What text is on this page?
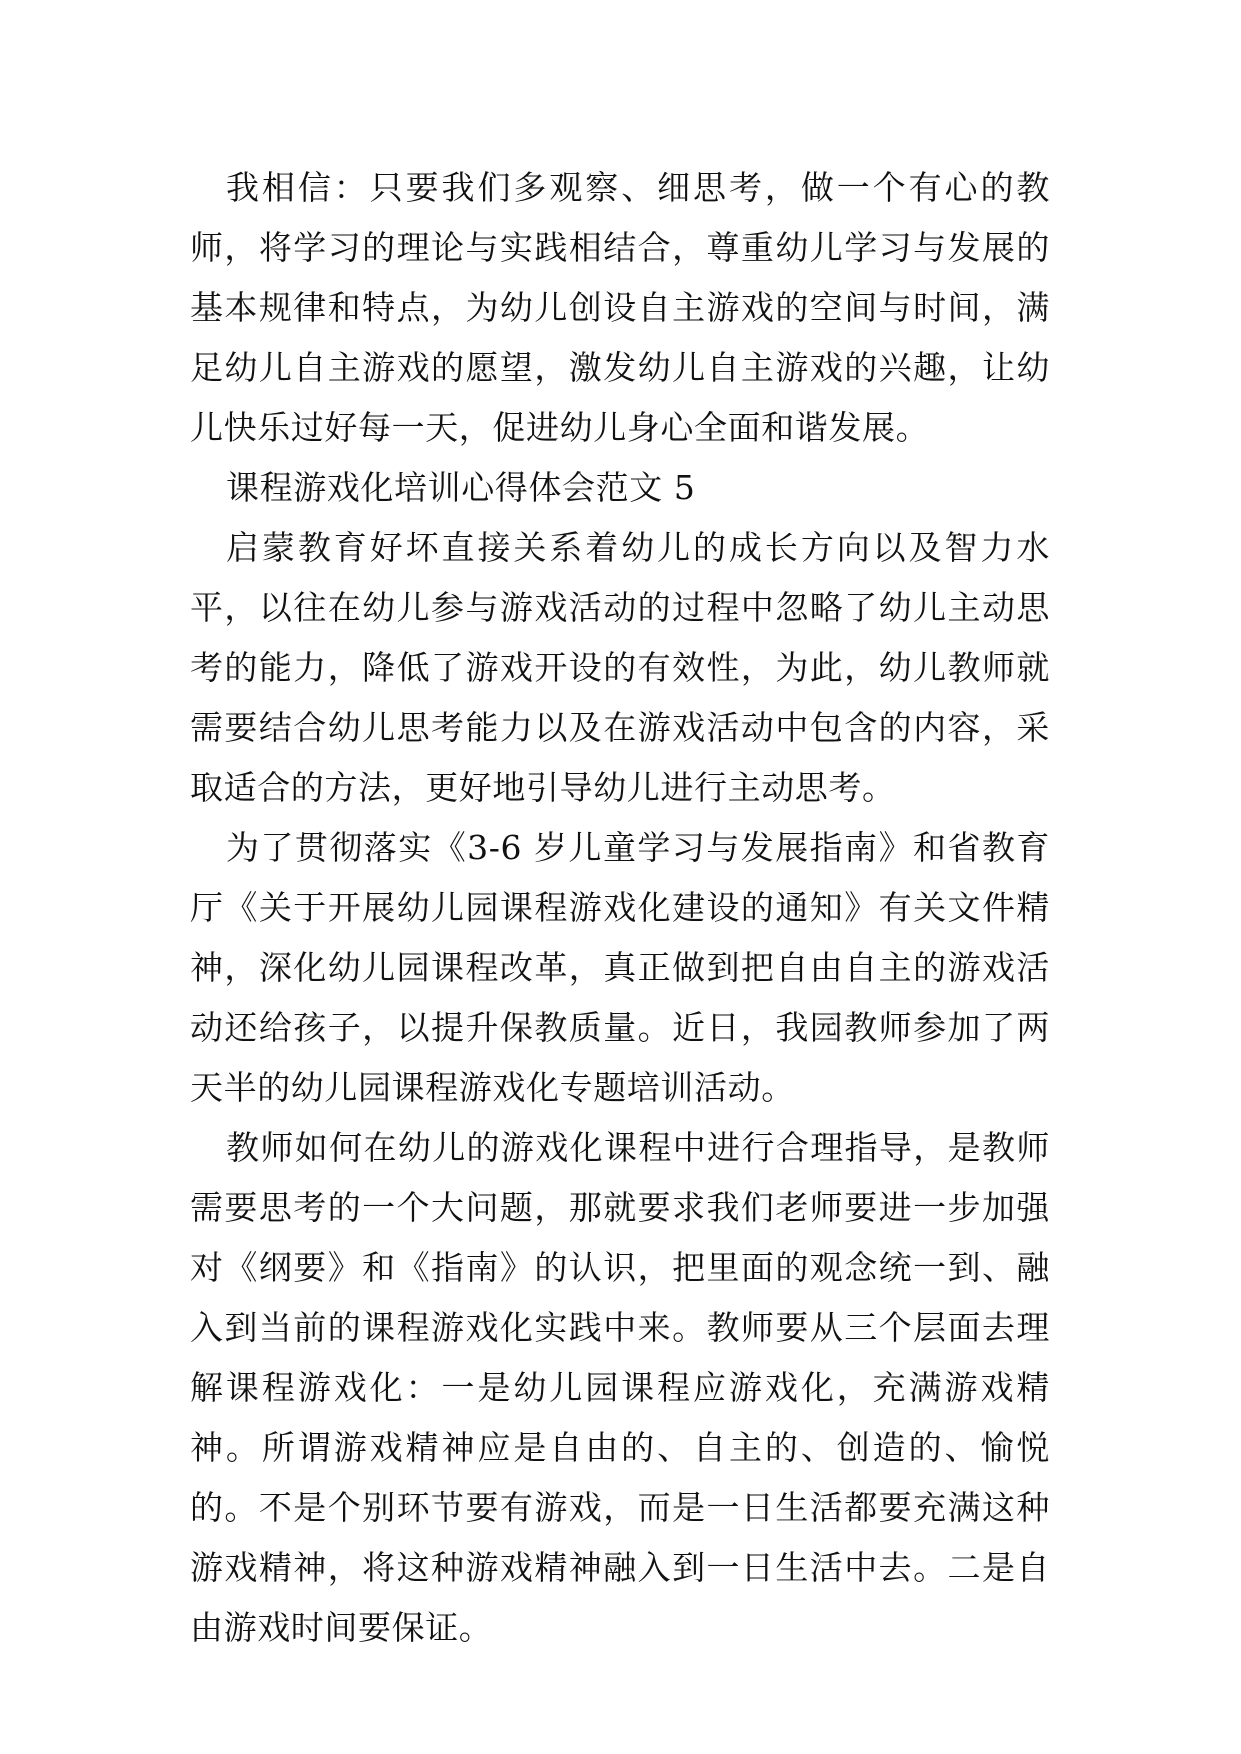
我相信：只要我们多观察、细思考，做一个有心的教师，将学习的理论与实践相结合，尊重幼儿学习与发展的基本规律和特点，为幼儿创设自主游戏的空间与时间，满足幼儿自主游戏的愿望，激发幼儿自主游戏的兴趣，让幼儿快乐过好每一天，促进幼儿身心全面和谐发展。

课程游戏化培训心得体会范文 5

启蒙教育好坏直接关系着幼儿的成长方向以及智力水平，以往在幼儿参与游戏活动的过程中忽略了幼儿主动思考的能力，降低了游戏开设的有效性，为此，幼儿教师就需要结合幼儿思考能力以及在游戏活动中包含的内容，采取适合的方法，更好地引导幼儿进行主动思考。

为了贯彻落实《3-6 岁儿童学习与发展指南》和省教育厅《关于开展幼儿园课程游戏化建设的通知》有关文件精神，深化幼儿园课程改革，真正做到把自由自主的游戏活动还给孩子，以提升保教质量。近日，我园教师参加了两天半的幼儿园课程游戏化专题培训活动。

教师如何在幼儿的游戏化课程中进行合理指导，是教师需要思考的一个大问题，那就要求我们老师要进一步加强对《纲要》和《指南》的认识，把里面的观念统一到、融入到当前的课程游戏化实践中来。教师要从三个层面去理解课程游戏化：一是幼儿园课程应游戏化，充满游戏精神。所谓游戏精神应是自由的、自主的、创造的、愉悦的。不是个别环节要有游戏，而是一日生活都要充满这种游戏精神，将这种游戏精神融入到一日生活中去。二是自由游戏时间要保证。
